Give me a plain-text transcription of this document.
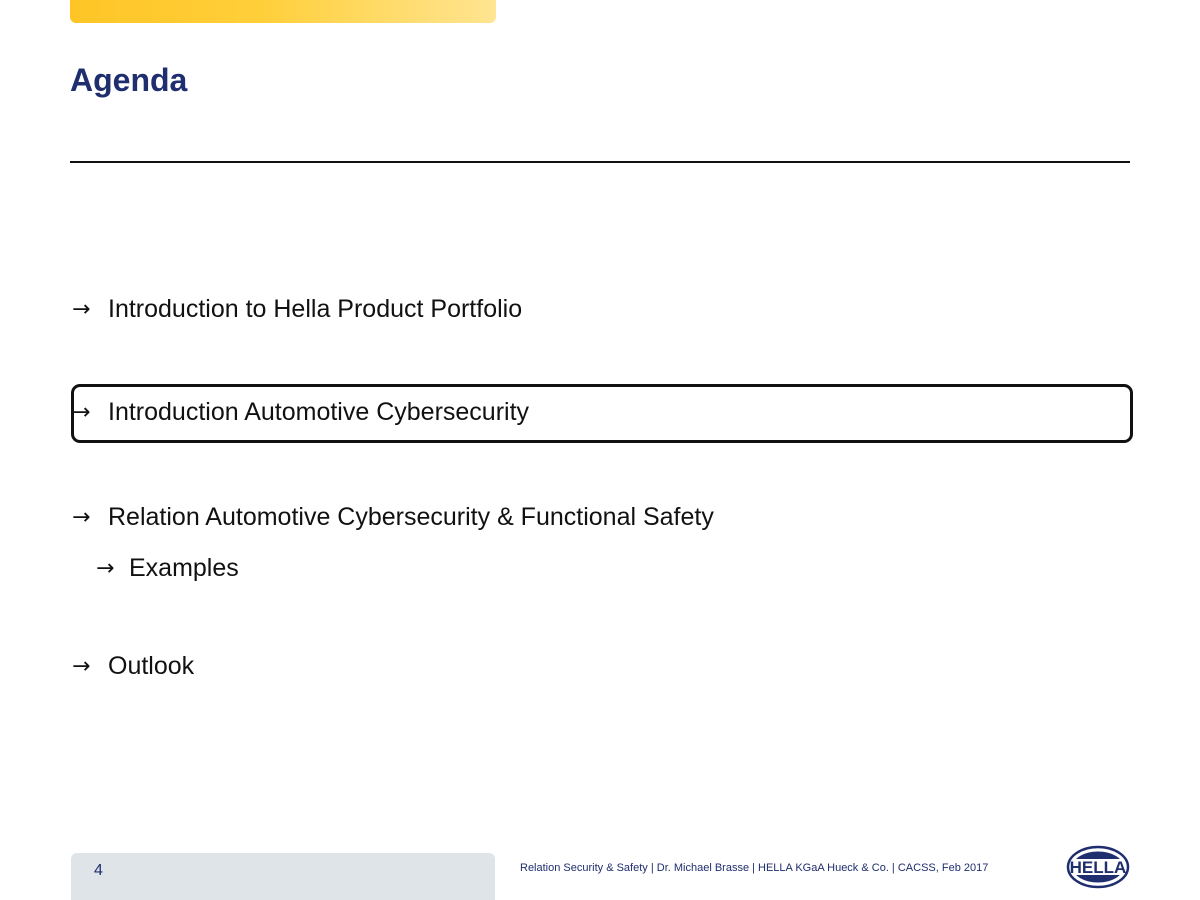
Agenda
→ Introduction to Hella Product Portfolio
→ Introduction Automotive Cybersecurity
→ Relation Automotive Cybersecurity & Functional Safety
→ Examples
→ Outlook
4	Relation Security & Safety | Dr. Michael Brasse | HELLA KGaA Hueck & Co. | CACSS, Feb 2017	HELLA
